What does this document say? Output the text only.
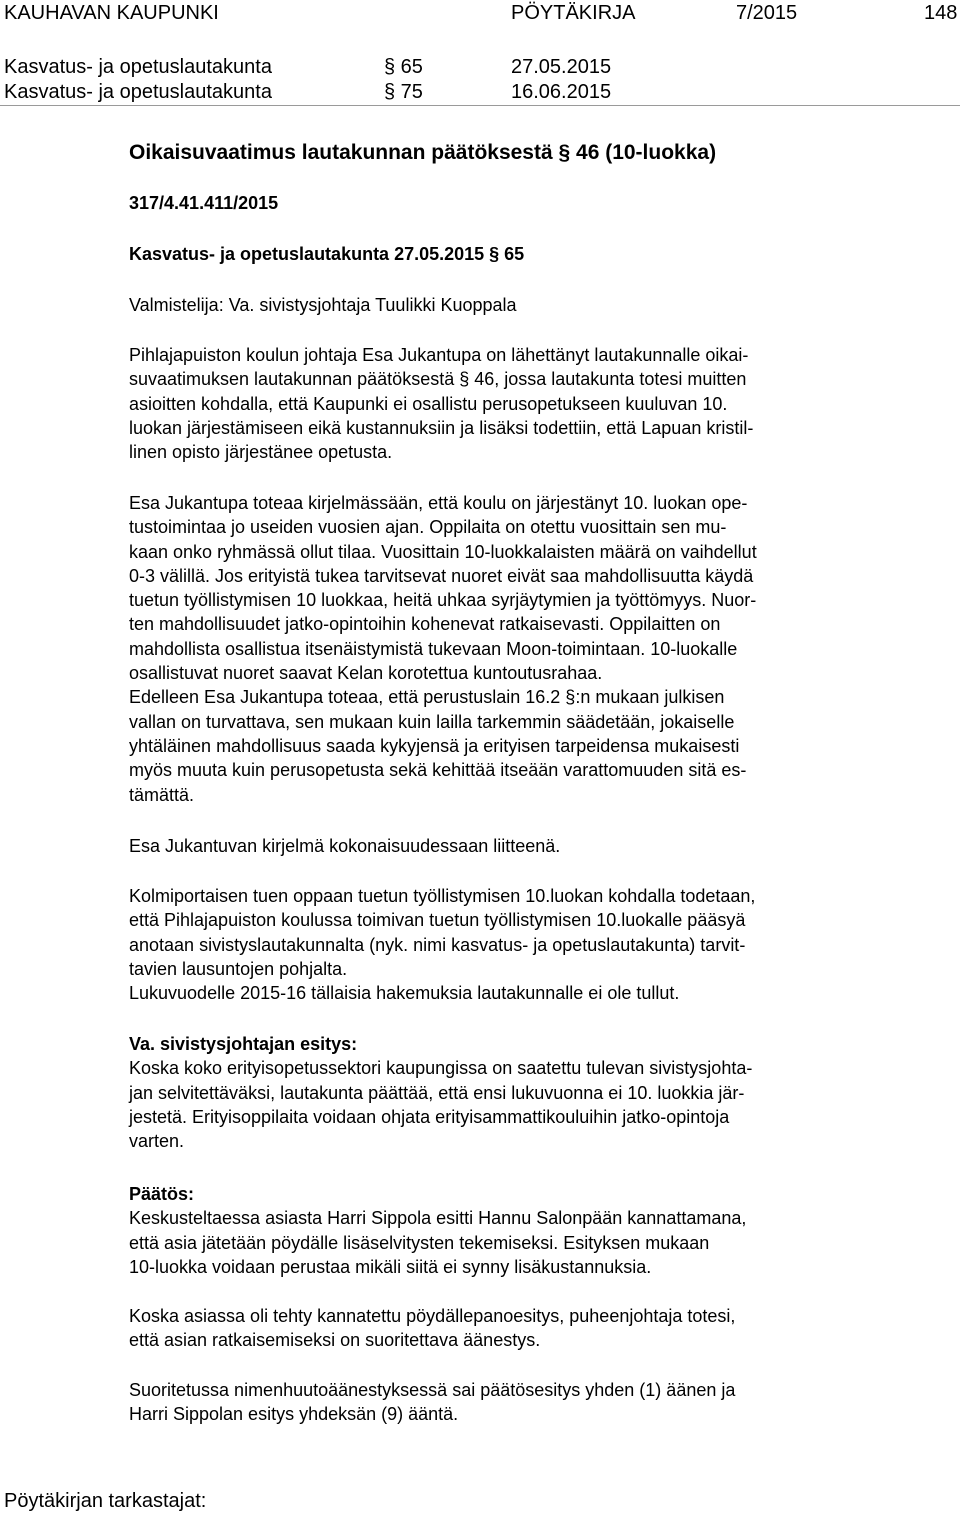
KAUHAVAN KAUPUNKI	PÖYTÄKIRJA	7/2015	148
Kasvatus- ja opetuslautakunta	§ 65	27.05.2015
Kasvatus- ja opetuslautakunta	§ 75	16.06.2015
Oikaisuvaatimus lautakunnan päätöksestä § 46 (10-luokka)
317/4.41.411/2015
Kasvatus- ja opetuslautakunta 27.05.2015 § 65
Valmistelija: Va. sivistysjohtaja Tuulikki Kuoppala
Pihlajapuiston koulun johtaja Esa Jukantupa on lähettänyt lautakunnalle oikai-
suvaatimuksen lautakunnan päätöksestä § 46, jossa lautakunta totesi muitten
asioitten kohdalla, että Kaupunki ei osallistu perusopetukseen kuuluvan 10.
luokan järjestämiseen eikä kustannuksiin ja lisäksi todettiin, että Lapuan kristil-
linen opisto järjestänee opetusta.
Esa Jukantupa toteaa kirjelmässään, että koulu on järjestänyt 10. luokan ope-
tustoimintaa jo useiden vuosien ajan. Oppilaita on otettu vuosittain sen mu-
kaan onko ryhmässä ollut tilaa. Vuosittain 10-luokkalaisten määrä on vaihdellut
0-3 välillä. Jos erityistä tukea tarvitsevat nuoret eivät saa mahdollisuutta käydä
tuetun työllistymisen 10 luokkaa, heitä uhkaa syrjäytymien ja työttömyys. Nuor-
ten mahdollisuudet jatko-opintoihin kohenevat ratkaisevasti. Oppilaitten on
mahdollista osallistua itsenäistymistä tukevaan Moon-toimintaan. 10-luokalle
osallistuvat nuoret saavat Kelan korotettua kuntoutusrahaa.
Edelleen Esa Jukantupa toteaa, että perustuslain 16.2 §:n mukaan julkisen
vallan on turvattava, sen mukaan kuin lailla tarkemmin säädetään, jokaiselle
yhtäläinen mahdollisuus saada kykyjensä ja erityisen tarpeidensa mukaisesti
myös muuta kuin perusopetusta sekä kehittää itseään varattomuuden sitä es-
tämättä.
Esa Jukantuvan kirjelmä kokonaisuudessaan liitteenä.
Kolmiportaisen tuen oppaan tuetun työllistymisen 10.luokan kohdalla todetaan,
että Pihlajapuiston koulussa toimivan tuetun työllistymisen 10.luokalle pääsyä
anotaan sivistyslautakunnalta (nyk. nimi kasvatus- ja opetuslautakunta) tarvit-
tavien lausuntojen pohjalta.
Lukuvuodelle 2015-16 tällaisia hakemuksia lautakunnalle ei ole tullut.
Va. sivistysjohtajan esitys:
Koska koko erityisopetussektori kaupungissa on saatettu tulevan sivistysjohta-
jan selvitettäväksi, lautakunta päättää, että ensi lukuvuonna ei 10. luokkia jär-
jestetä. Erityisoppilaita voidaan ohjata erityisammattikouluihin jatko-opintoja
varten.
Päätös:
Keskusteltaessa asiasta Harri Sippola esitti Hannu Salonpään kannattamana,
että asia jätetään pöydälle lisäselvitysten tekemiseksi. Esityksen mukaan
10-luokka voidaan perustaa mikäli siitä ei synny lisäkustannuksia.
Koska asiassa oli tehty kannatettu pöydällepanoesitys, puheenjohtaja totesi,
että asian ratkaisemiseksi on suoritettava äänestys.
Suoritetussa nimenhuutoäänestyksessä sai päätösesitys yhden (1) äänen ja
Harri Sippolan esitys yhdeksän (9) ääntä.
Pöytäkirjan tarkastajat:
